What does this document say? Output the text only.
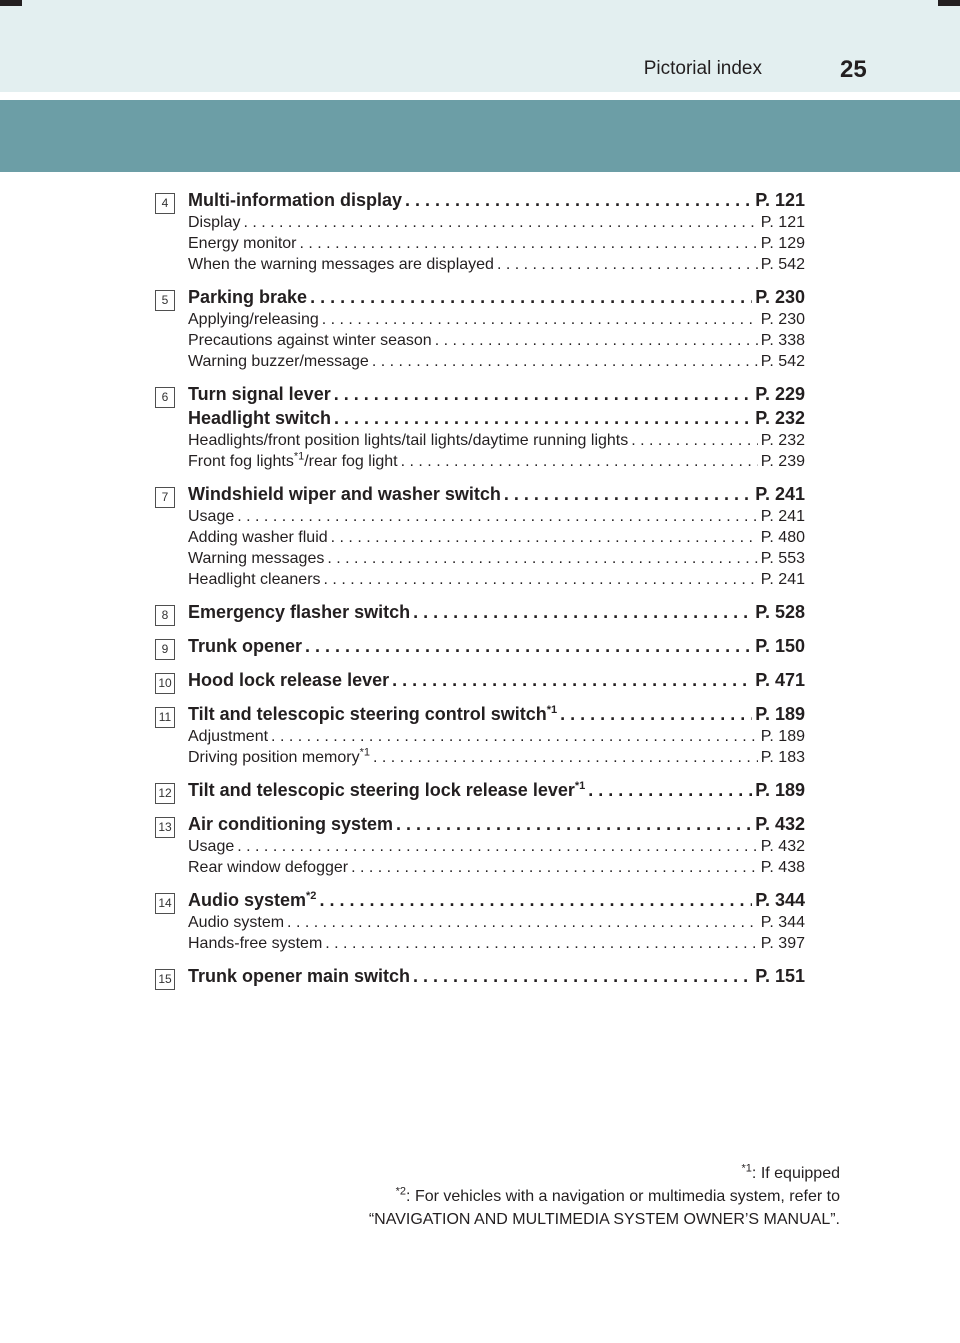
Pictorial index	25
4	Multi-information display . . .	P. 121
Display . . .	P. 121
Energy monitor . . .	P. 129
When the warning messages are displayed . . .	P. 542
5	Parking brake . . .	P. 230
Applying/releasing . . .	P. 230
Precautions against winter season . . .	P. 338
Warning buzzer/message . . .	P. 542
6	Turn signal lever . . .	P. 229
Headlight switch . . .	P. 232
Headlights/front position lights/tail lights/daytime running lights . . .	P. 232
Front fog lights$^{*1}$/rear fog light . . .	P. 239
7	Windshield wiper and washer switch . . .	P. 241
Usage . . .	P. 241
Adding washer fluid . . .	P. 480
Warning messages . . .	P. 553
Headlight cleaners . . .	P. 241
8	Emergency flasher switch . . .	P. 528
9	Trunk opener . . .	P. 150
10 Hood lock release lever . . .	P. 471
11 Tilt and telescopic steering control switch$^{*1}$ . . .	P. 189
Adjustment . . .	P. 189
Driving position memory$^{*1}$ . . .	P. 183
12 Tilt and telescopic steering lock release lever$^{*1}$ . . .	P. 189
13 Air conditioning system . . .	P. 432
Usage . . .	P. 432
Rear window defogger . . .	P. 438
14 Audio system$^{*2}$ . . .	P. 344
Audio system . . .	P. 344
Hands-free system . . .	P. 397
15 Trunk opener main switch . . .	P. 151
$^{*1}$: If equipped
$^{*2}$: For vehicles with a navigation or multimedia system, refer to
“NAVIGATION AND MULTIMEDIA SYSTEM OWNER’S MANUAL”.
